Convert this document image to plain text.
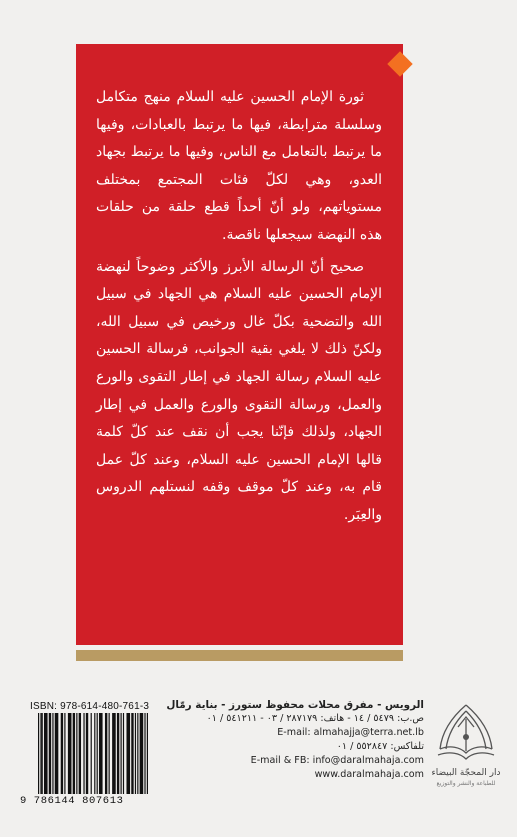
ثورة الإمام الحسين عليه السلام منهج متكامل وسلسلة مترابطة، فيها ما يرتبط بالعبادات، وفيها ما يرتبط بالتعامل مع الناس، وفيها ما يرتبط بجهاد العدو، وهي لكلّ فئات المجتمع بمختلف مستوياتهم، ولو أنّ أحداً قطع حلقة من حلقات هذه النهضة سيجعلها ناقصة.

صحيح أنّ الرسالة الأبرز والأكثر وضوحاً لنهضة الإمام الحسين عليه السلام هي الجهاد في سبيل الله والتضحية بكلّ غال ورخيص في سبيل الله، ولكنّ ذلك لا يلغي بقية الجوانب، فرسالة الحسين عليه السلام رسالة الجهاد في إطار التقوى والورع والعمل، ورسالة التقوى والورع والعمل في إطار الجهاد، ولذلك فإنّنا يجب أن نقف عند كلّ كلمة قالها الإمام الحسين عليه السلام، وعند كلّ عمل قام به، وعند كلّ موقف وقفه لنستلهم الدروس والعِبَر.

ISBN: 978-614-480-761-3
9 786144 807613
الرويس - مفرق محلات محفوظ ستورز - بناية رمّال
ص.ب: ٥٤٧٩ / ١٤ - هاتف: ٢٨٧١٧٩ / ٠٣ - ٥٤١٢١١ / ٠١
E-mail: almahajja@terra.net.lb
تلفاكس: ٥٥٢٨٤٧ / ٠١
E-mail & FB: info@daralmahaja.com
www.daralmahaja.com دار المحجّة البيضاء
للطباعة والنشر والتوزيع
